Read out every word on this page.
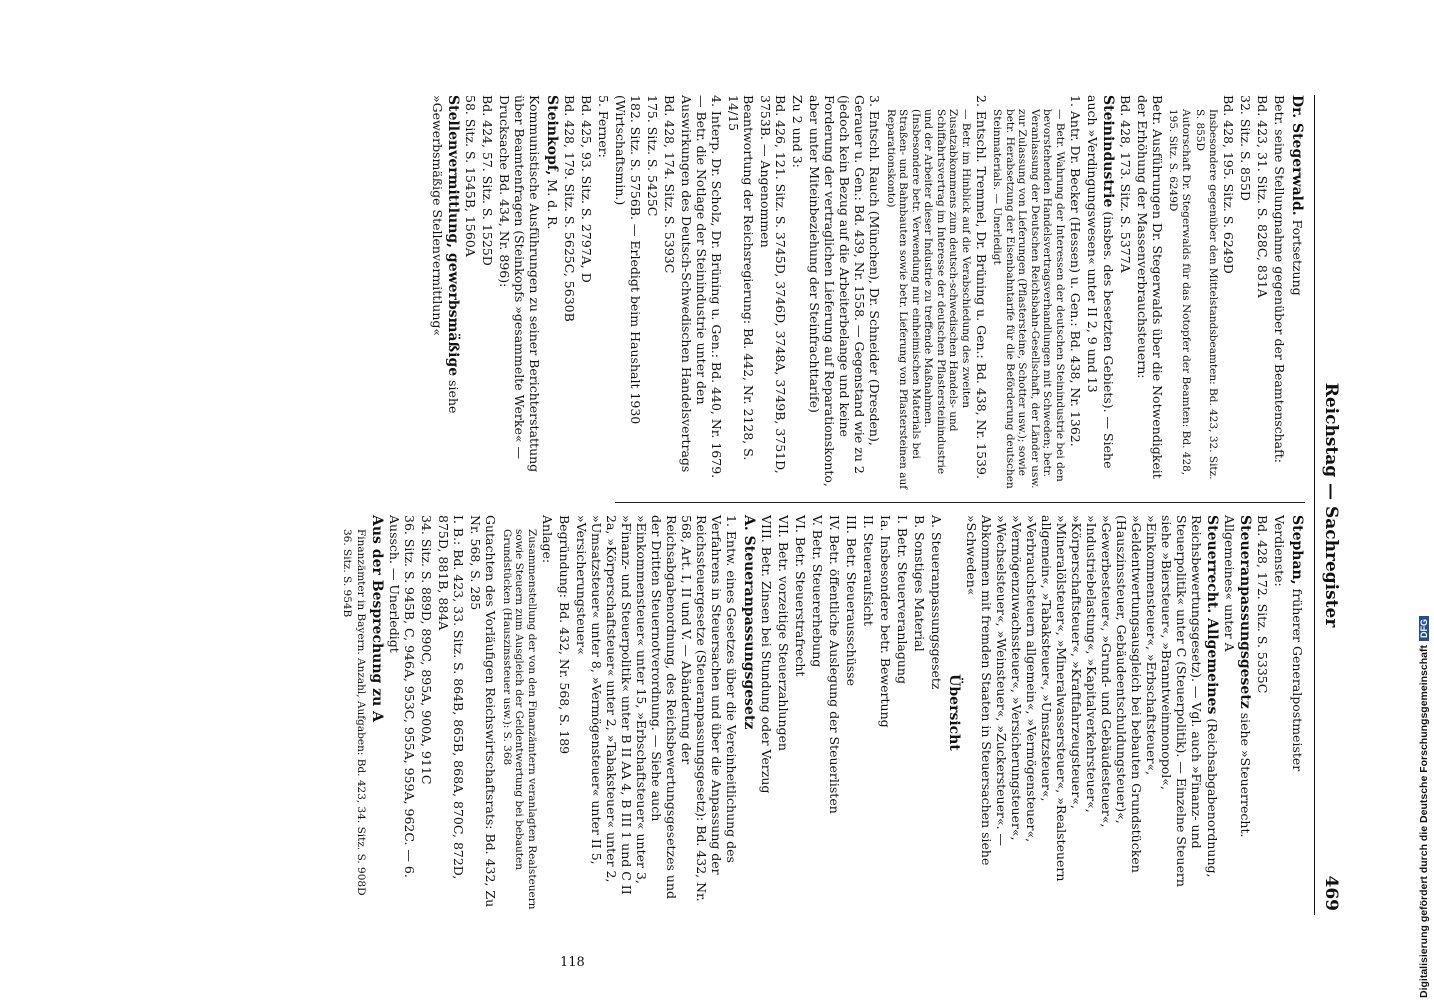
Reichstag — Sachregister
469
Dr. Stegerwald. Fortsetzung
Betr. seine Stellungnahme gegenüber der Beamtenschaft:
Bd. 423, 31. Sitz. S. 828C, 831A
32. Sitz. S. 855D
Bd. 428, 195. Sitz. S. 6249D
Insbesondere gegenüber den Mittelstandsbeamten: Bd. 423, 32. Sitz. S. 855D
Autorschaft Dr. Stegerwalds für das Notopfer der Beamten: Bd. 428, 195. Sitz. S. 6249D
Betr. Ausführungen Dr. Stegerwalds über die Notwendigkeit der Erhöhung der Massenverbrauchsteuern:
Bd. 428, 173. Sitz. S. 5377A
Steinindustrie (insbes. des besetzten Gebiets). — Siehe auch »Verdingungswesen« unter II 2, 9 und 13
1. Antr. Dr. Becker (Hessen) u. Gen.: Bd. 438, Nr. 1362.
— Betr. Wahrung der Interessen der deutschen Steinindustrie bei den bevorstehenden Handelsvertragsverhandlungen mit Schweden; betr. Veranlassung der Deutschen Reichsbahn-Gesellschaft, der Länder usw. zur Zulassung von Lieferungen (Pflastersteine, Schotter usw.); sowie betr. Herabsetzung der Eisenbahntarife für die Beförderung deutschen Steinmaterials. — Unerledigt
2. Entschl. Tremmel, Dr. Brüning u. Gen.: Bd. 438, Nr. 1539.
— Betr. im Hinblick auf die Verabschiedung des zweiten Zusatzabkommens zum deutsch-schwedischen Handels- und Schiffahrtsvertrag im Interesse der deutschen Pflastersteinindustrie und der Arbeiter dieser Industrie zu treffende Maßnahmen. (Insbesondere betr. Verwendung nur einheimischen Materials bei Straßen- und Bahnbauten sowie betr. Lieferung von Pflastersteinen auf Reparationskonto)
3. Entschl. Rauch (München), Dr. Schneider (Dresden), Gerauer u. Gen.: Bd. 439, Nr. 1558. — Gegenstand wie zu 2 (jedoch kein Bezug auf die Arbeiterbelange und keine Forderung der vertraglichen Lieferung auf Reparationskonto, aber unter Miteinbeziehung der Steinfrachttarife)
Zu 2 und 3:
Bd. 426, 121. Sitz. S. 3745D, 3746D, 3748A, 3749B, 3751D, 3753B. — Angenommen
Beantwortung der Reichsregierung: Bd. 442, Nr. 2128, S. 14/15
4. Interp. Dr. Scholz, Dr. Brüning u. Gen.: Bd. 440, Nr. 1679. — Betr. die Notlage der Steinindustrie unter den Auswirkungen des Deutsch-Schwedischen Handelsvertrags
Bd. 428, 174. Sitz. S. 5393C
175. Sitz. S. 5425C
182. Sitz. S. 5756B. — Erledigt beim Haushalt 1930 (Wirtschaftsmin.)
5. Ferner:
Bd. 425, 93. Sitz. S. 2797A, D
Bd. 428, 179. Sitz. S. 5625C, 5630B
Steinkopf, M. d. R.
Kommunistische Ausführungen zu seiner Berichterstattung über Beamtenfragen (Steinkopfs »gesammelte Werke« — Drucksache Bd. 434, Nr. 896):
Bd. 424, 57. Sitz. S. 1525D
58. Sitz. S. 1545B, 1560A
Stellenvermittlung, gewerbsmäßige siehe »Gewerbsmäßige Stellenvermittlung«
Stephan, früherer Generalpostmeister
Verdienste:
Bd. 428, 172. Sitz. S. 5335C
Steueranpassungsgesetz siehe »Steuerrecht. Allgemeines« unter A
Steuerrecht. Allgemeines (Reichsabgabenordnung, Reichsbewertungsgesetz). — Vgl. auch »Finanz- und Steuerpolitik« unter C (Steuerpolitik). — Einzelne Steuern siehe »Biersteuer«, »Branntweinmonopol«, »Einkommensteuer«, »Erbschaftsteuer«, »Geldentwertungsausgleich bei bebauten Grundstücken (Hauszinssteuer, Gebäudeentschuldungsteuer)«, »Gewerbesteuer«, »Grund- und Gebäudesteuer«, »Industriebelastung«, »Kapitalverkehrsteuer«, »Körperschaftsteuer«, »Kraftfahrzeugsteuer«, »Mineralölsteuer«, »Mineralwassersteuer«, »Realsteuern allgemein«, »Tabaksteuer«, »Umsatzsteuer«, »Verbrauchsteuern allgemein«, »Vermögensteuer«, »Vermögenzuwachssteuer«, »Versicherungsteuer«, »Wechselsteuer«, »Weinsteuer«, »Zuckersteuer«. — Abkommen mit fremden Staaten in Steuersachen siehe »Schweden«
Übersicht
A. Steueranpassungsgesetz
B. Sonstiges Material
I. Betr. Steuerveranlagung
Ia. Insbesondere betr. Bewertung
II. Steueraufsicht
III. Betr. Steuerausschüsse
IV. Betr. öffentliche Auslegung der Steuerlisten
V. Betr. Steuererhebung
VI. Betr. Steuerstrafrecht
VII. Betr. vorzeitige Steuerzahlungen
VIII. Betr. Zinsen bei Stundung oder Verzug
A. Steueranpassungsgesetz
1. Entw. eines Gesetzes über die Vereinheitlichung des Verfahrens in Steuersachen und über die Anpassung der Reichssteuergesetze (Steueranpassungsgesetz): Bd. 432, Nr. 568, Art. I, II und V. — Abänderung der Reichsabgabenordnung, des Reichsbewertungsgesetzes und der Dritten Steuernotverordnung. — Siehe auch »Einkommensteuer« unter 15, »Erbschaftsteuer« unter 3, »Finanz- und Steuerpolitik« unter B II AA 4, B III 1 und C II 2a, »Körperschaftsteuer« unter 2, »Tabaksteuer« unter 2, »Umsatzsteuer« unter 8, »Vermögensteuer« unter II 5, »Versicherungsteuer«
Begründung: Bd. 432, Nr. 568, S. 189
Anlage:
Zusammenstellung der von den Finanzämtern veranlagten Realsteuern sowie Steuern zum Ausgleich der Geldentwertung bei bebauten Grundstücken (Hauszinssteuer usw.): S. 368
Gutachten des Vorläufigen Reichswirtschaftsrats: Bd. 432, Zu Nr. 568, S. 285
I. B.: Bd. 423, 33. Sitz. S. 864B, 865B, 868A, 870C, 872D, 875D, 881B, 884A
34. Sitz. S. 889D, 890C, 895A, 900A, 911C
36. Sitz. S. 945B, C, 946A, 953C, 955A, 959A, 962C. — 6. Aussch. — Unerledigt
Aus der Besprechung zu A
Finanzämter in Bayern. Anzahl, Aufgaben: Bd. 423, 34. Sitz. S. 908D
36. Sitz. S. 954B
118	Digitalisierung gefördert durch die Deutsche ForschungsgemeinschaftDFG
